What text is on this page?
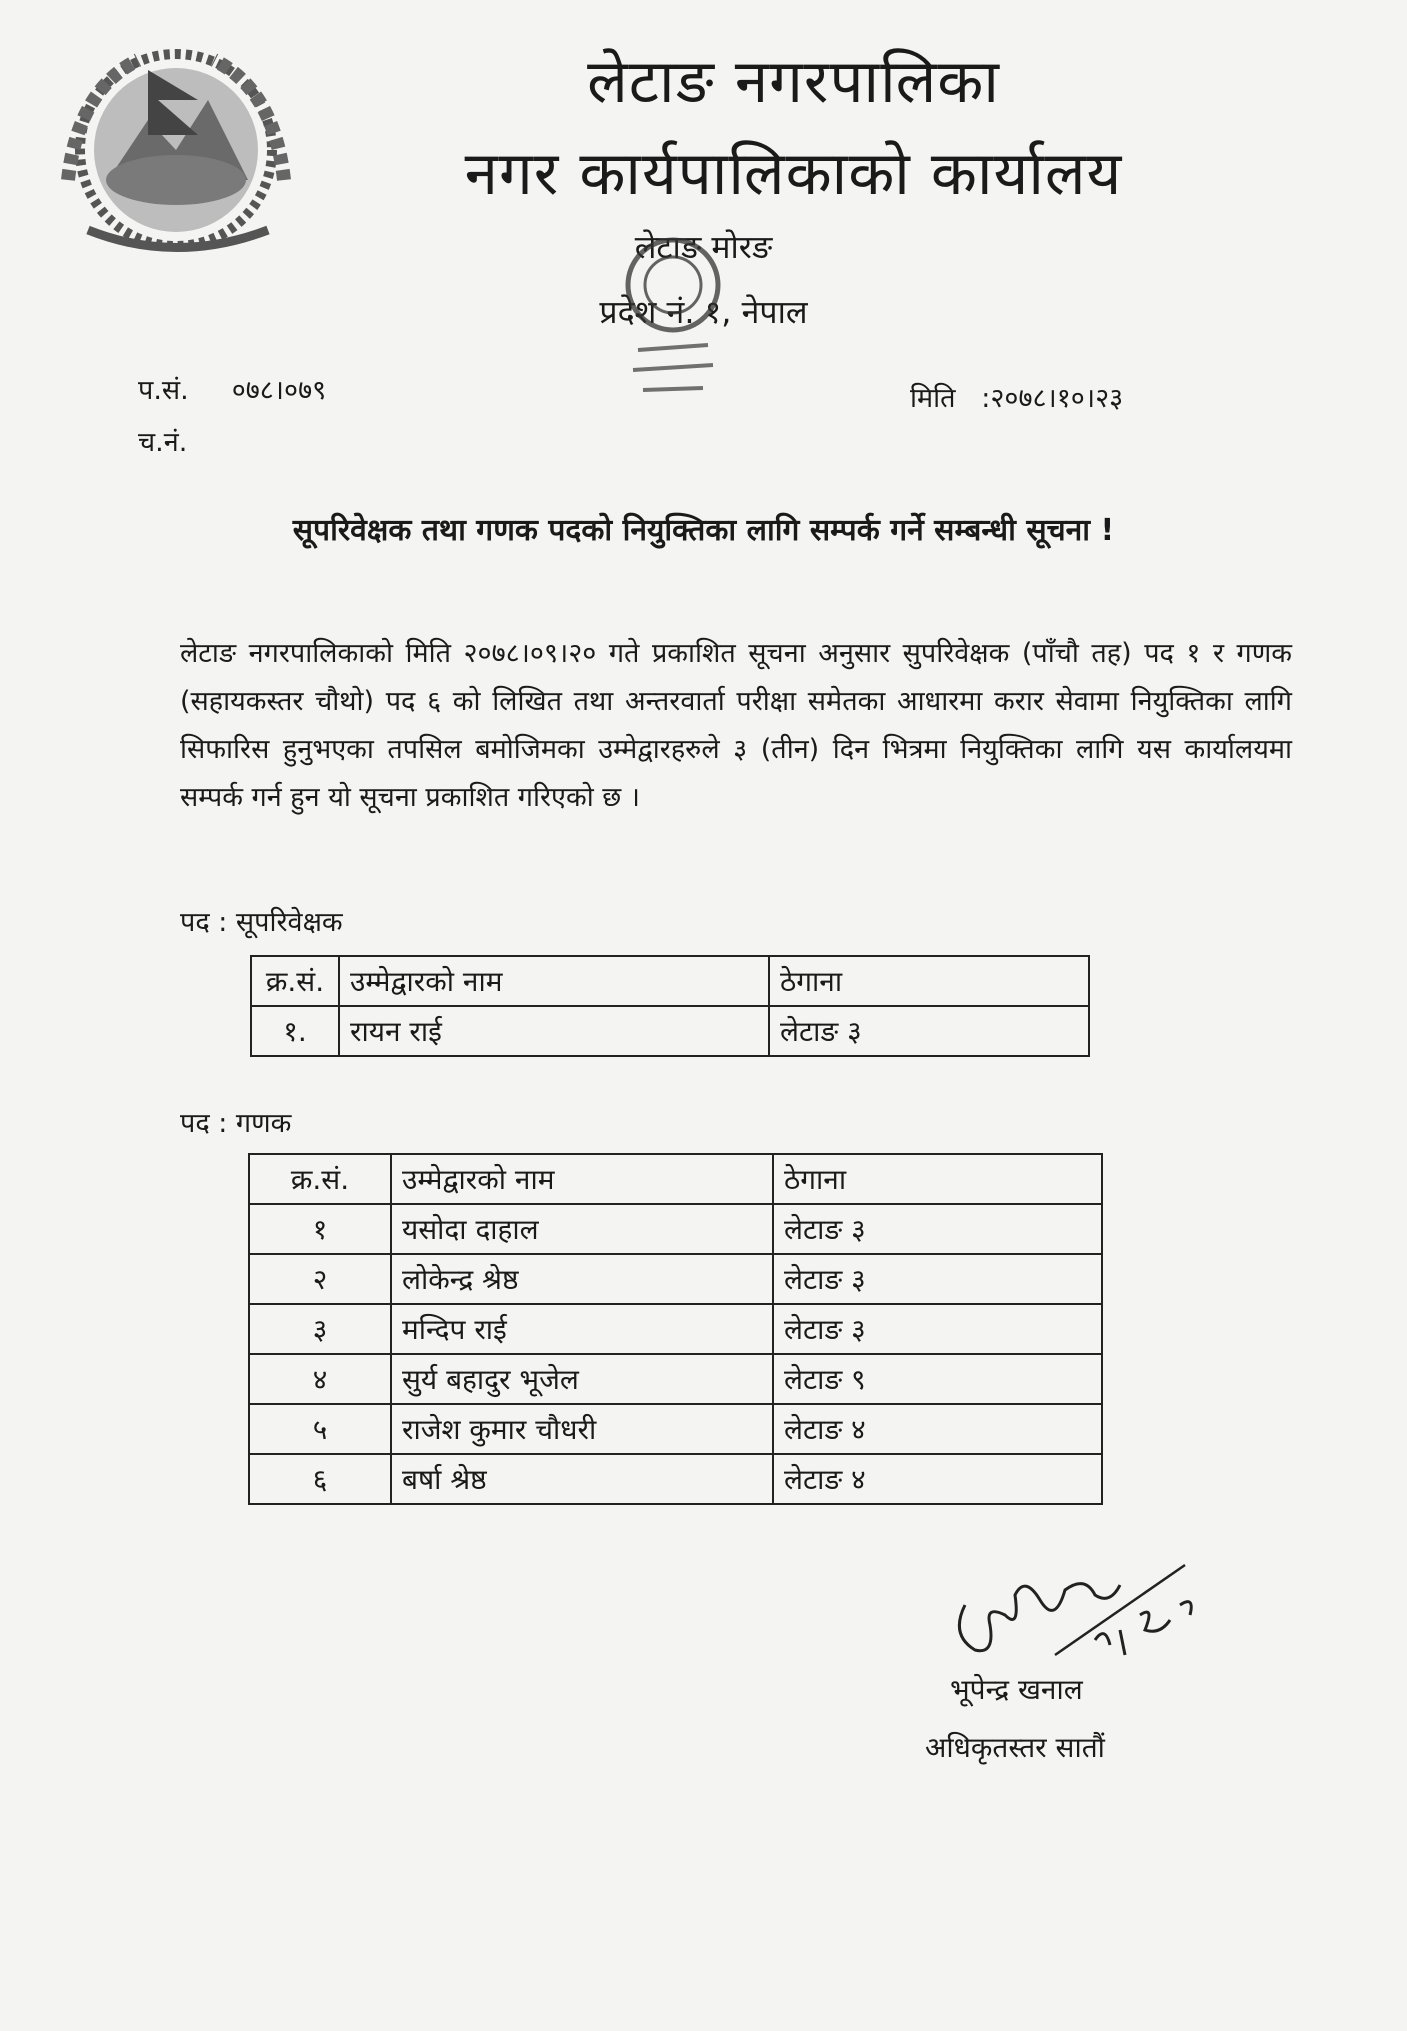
लेटाङ नगरपालिका
नगर कार्यपालिकाको कार्यालय
लेटाङ मोरङ
प्रदेश नं. १, नेपाल
प.सं. ०७८।०७९
च.नं.
मिति :२०७८।१०।२३
सूपरिवेक्षक तथा गणक पदको नियुक्तिका लागि सम्पर्क गर्ने सम्बन्धी सूचना !
लेटाङ नगरपालिकाको मिति २०७८।०९।२० गते प्रकाशित सूचना अनुसार सुपरिवेक्षक (पाँचौ तह) पद १ र गणक (सहायकस्तर चौथो) पद ६ को लिखित तथा अन्तरवार्ता परीक्षा समेतका आधारमा करार सेवामा नियुक्तिका लागि सिफारिस हुनुभएका तपसिल बमोजिमका उम्मेद्वारहरुले ३ (तीन) दिन भित्रमा नियुक्तिका लागि यस कार्यालयमा सम्पर्क गर्न हुन यो सूचना प्रकाशित गरिएको छ ।
पद : सूपरिवेक्षक
क्र.सं.	उम्मेद्वारको नाम	ठेगाना
१.	रायन राई	लेटाङ ३
पद : गणक
क्र.सं.	उम्मेद्वारको नाम	ठेगाना
१	यसोदा दाहाल	लेटाङ ३
२	लोकेन्द्र श्रेष्ठ	लेटाङ ३
३	मन्दिप राई	लेटाङ ३
४	सुर्य बहादुर भूजेल	लेटाङ ९
५	राजेश कुमार चौधरी	लेटाङ ४
६	बर्षा श्रेष्ठ	लेटाङ ४
भूपेन्द्र खनाल
अधिकृतस्तर सातौं
